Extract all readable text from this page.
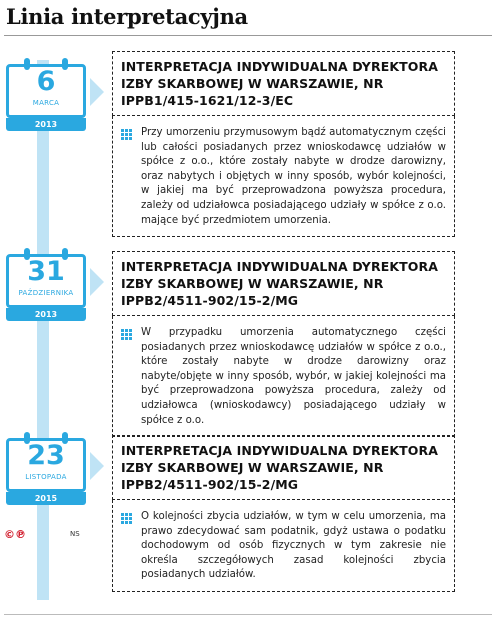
Linia interpretacyjna
6
MARCA
2013
INTERPRETACJA INDYWIDUALNA DYREKTORA IZBY SKARBOWEJ W WARSZAWIE, NR IPPB1/415-1621/12-3/EC
Przy umorzeniu przymusowym bądź automatycznym części lub całości posiadanych przez wnioskodawcę udziałów w spółce z o.o., które zostały nabyte w drodze darowizny, oraz nabytych i objętych w inny sposób, wybór kolejności, w jakiej ma być przeprowadzona powyższa procedura, zależy od udziałowca posiadającego udziały w spółce z o.o. mające być przedmiotem umorzenia.
31
PAŹDZIERNIKA
2013
INTERPRETACJA INDYWIDUALNA DYREKTORA IZBY SKARBOWEJ W WARSZAWIE, NR IPPB2/4511-902/15-2/MG
W przypadku umorzenia automatycznego części posiadanych przez wnioskodawcę udziałów w spółce z o.o., które zostały nabyte w drodze darowizny oraz nabyte/objęte w inny sposób, wybór, w jakiej kolejności ma być przeprowadzona powyższa procedura, zależy od udziałowca (wnioskodawcy) posiadającego udziały w spółce z o.o.
23
LISTOPADA
2015
INTERPRETACJA INDYWIDUALNA DYREKTORA IZBY SKARBOWEJ W WARSZAWIE, NR IPPB2/4511-902/15-2/MG
O kolejności zbycia udziałów, w tym w celu umorzenia, ma prawo zdecydować sam podatnik, gdyż ustawa o podatku dochodowym od osób fizycznych w tym zakresie nie określa szczegółowych zasad kolejności zbycia posiadanych udziałów.
©℗	NS
